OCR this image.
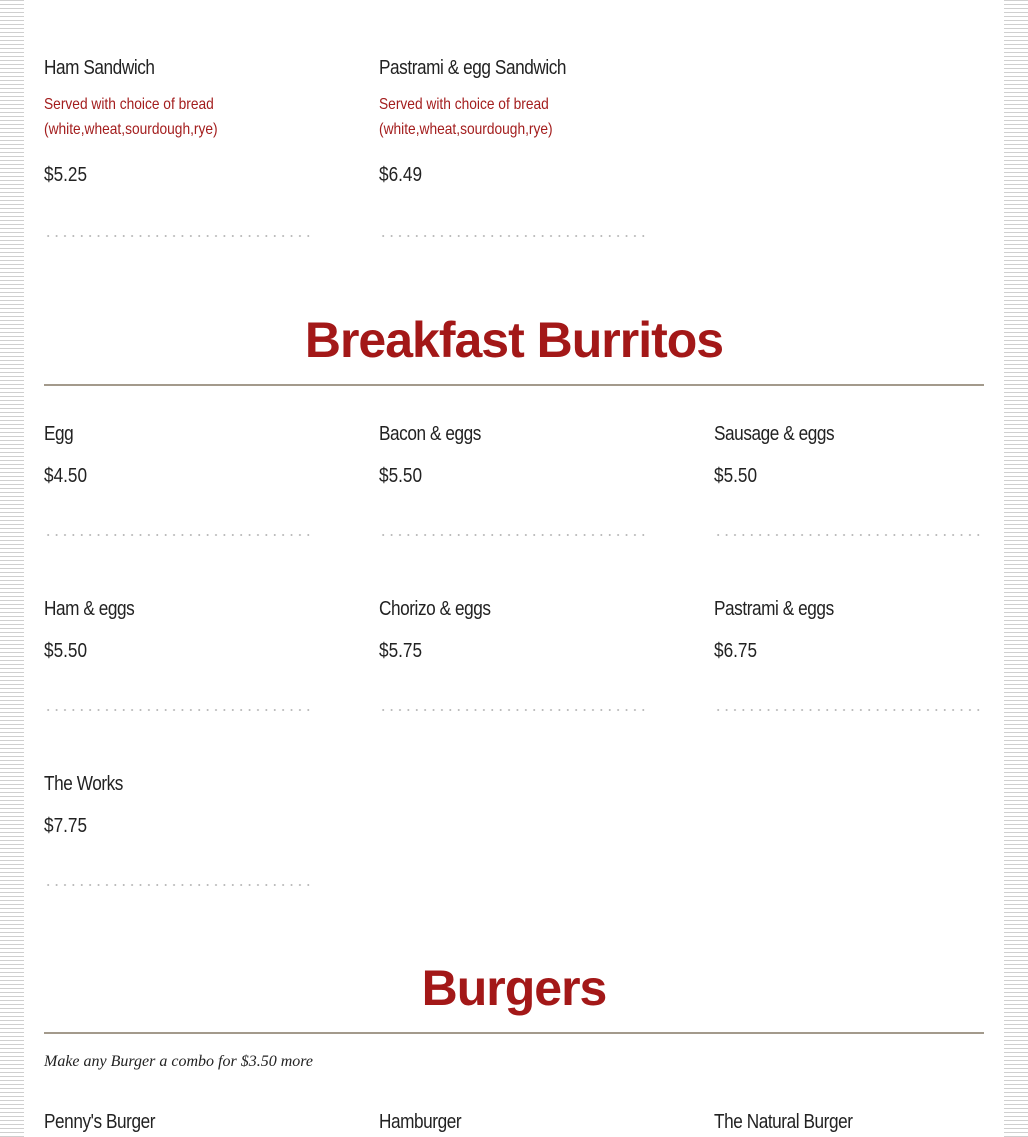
Ham Sandwich
Served with choice of bread
(white,wheat,sourdough,rye)
$5.25
Pastrami & egg Sandwich
Served with choice of bread
(white,wheat,sourdough,rye)
$6.49
Breakfast Burritos
Egg
$4.50
Bacon & eggs
$5.50
Sausage & eggs
$5.50
Ham & eggs
$5.50
Chorizo & eggs
$5.75
Pastrami & eggs
$6.75
The Works
$7.75
Burgers
Make any Burger a combo for $3.50 more
Penny's Burger	Hamburger	The Natural Burger
